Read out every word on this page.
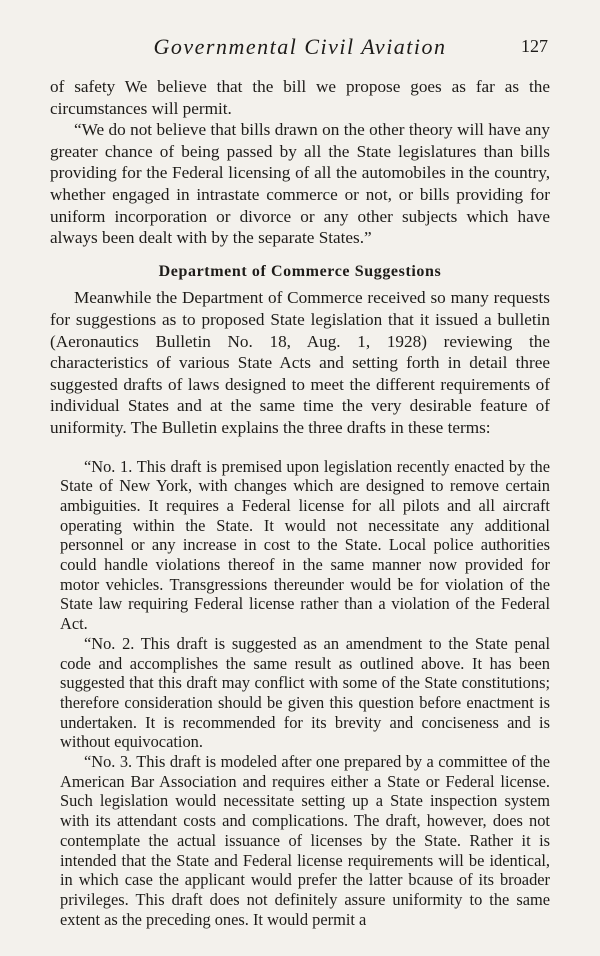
Governmental Civil Aviation	127

of safety We believe that the bill we propose goes as far as the circumstances will permit.

“We do not believe that bills drawn on the other theory will have any greater chance of being passed by all the State legislatures than bills providing for the Federal licensing of all the automobiles in the country, whether engaged in intrastate commerce or not, or bills providing for uniform incorporation or divorce or any other subjects which have always been dealt with by the separate States.”

Department of Commerce Suggestions

Meanwhile the Department of Commerce received so many requests for suggestions as to proposed State legislation that it issued a bulletin (Aeronautics Bulletin No. 18, Aug. 1, 1928) reviewing the characteristics of various State Acts and setting forth in detail three suggested drafts of laws designed to meet the different requirements of individual States and at the same time the very desirable feature of uniformity. The Bulletin explains the three drafts in these terms:

“No. 1. This draft is premised upon legislation recently enacted by the State of New York, with changes which are designed to remove certain ambiguities. It requires a Federal license for all pilots and all aircraft operating within the State. It would not necessitate any additional personnel or any increase in cost to the State. Local police authorities could handle violations thereof in the same manner now provided for motor vehicles. Transgressions thereunder would be for violation of the State law requiring Federal license rather than a violation of the Federal Act.

“No. 2. This draft is suggested as an amendment to the State penal code and accomplishes the same result as outlined above. It has been suggested that this draft may conflict with some of the State constitutions; therefore consideration should be given this question before enactment is undertaken. It is recommended for its brevity and conciseness and is without equivocation.

“No. 3. This draft is modeled after one prepared by a committee of the American Bar Association and requires either a State or Federal license. Such legislation would necessitate setting up a State inspection system with its attendant costs and complications. The draft, however, does not contemplate the actual issuance of licenses by the State. Rather it is intended that the State and Federal license requirements will be identical, in which case the applicant would prefer the latter bcause of its broader privileges. This draft does not definitely assure uniformity to the same extent as the preceding ones. It would permit a
